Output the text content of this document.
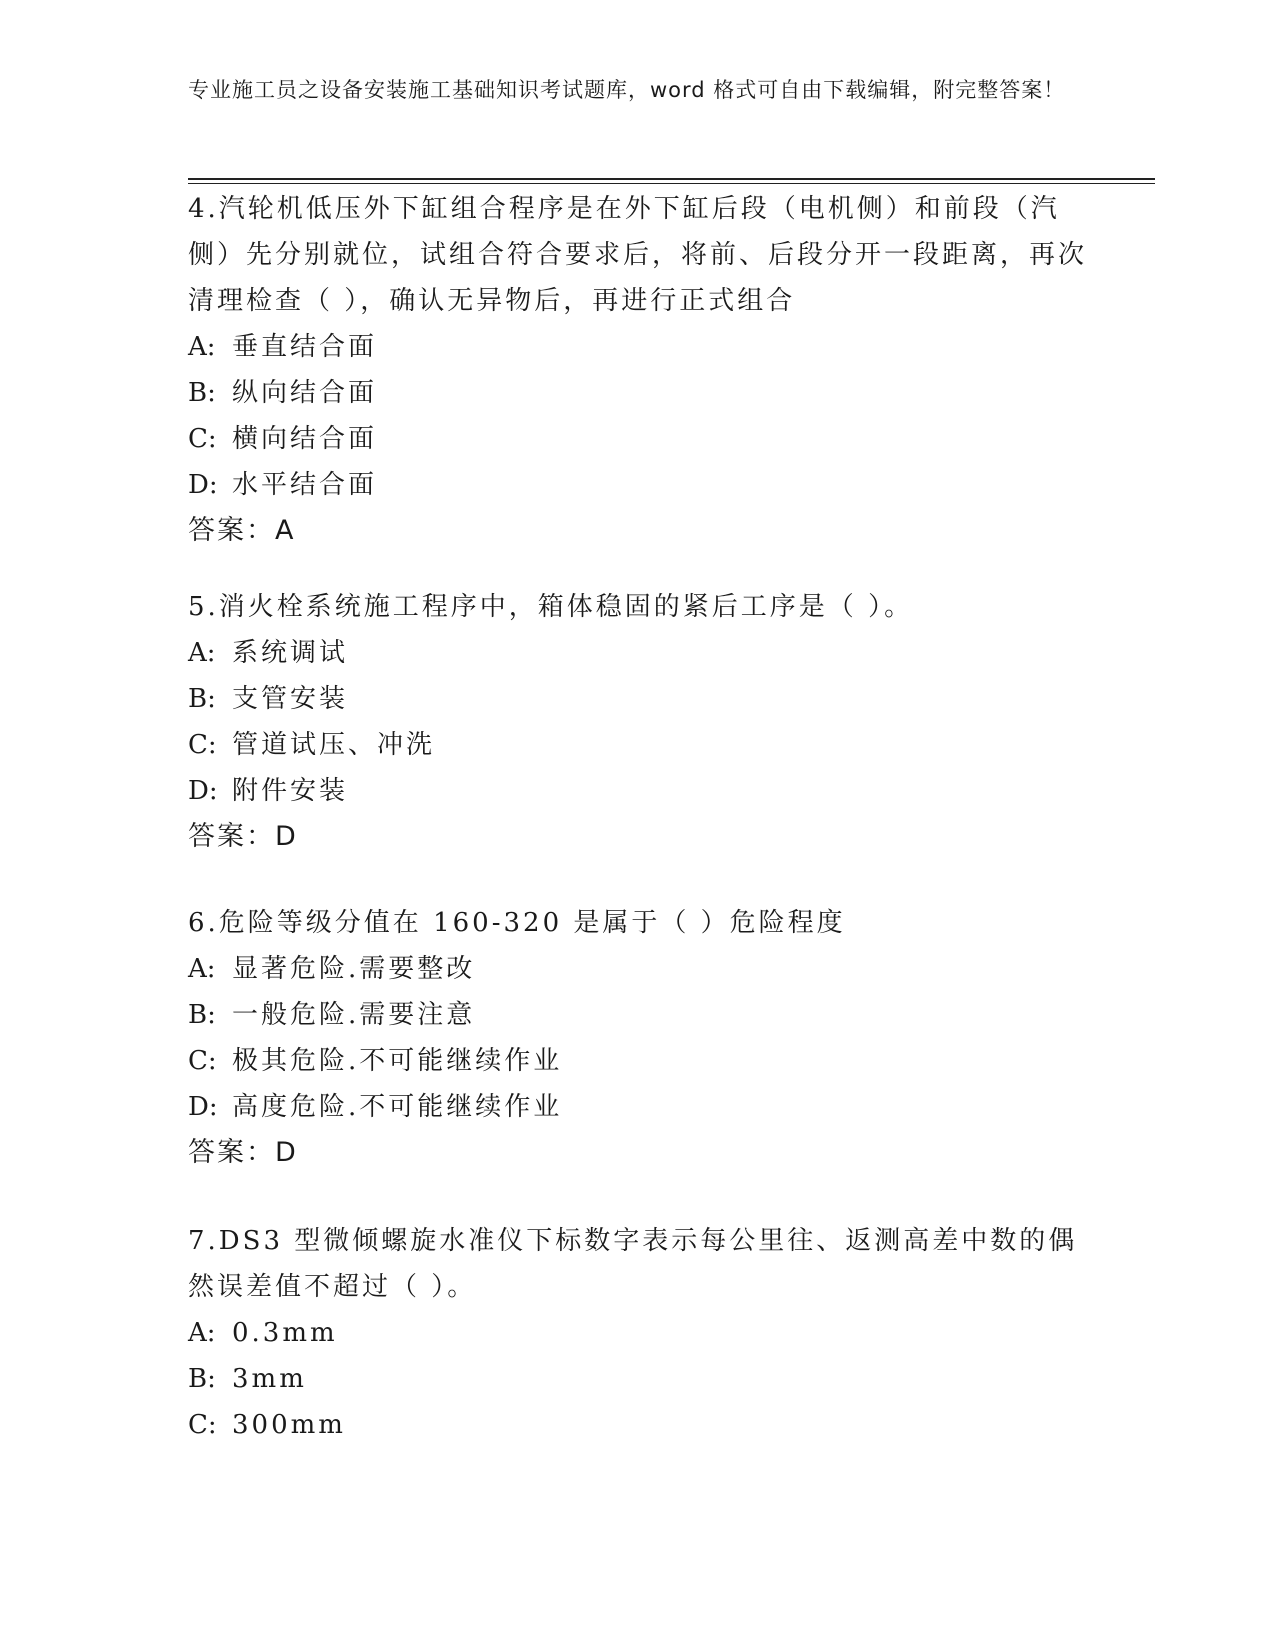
专业施工员之设备安装施工基础知识考试题库，word 格式可自由下载编辑，附完整答案！

4.汽轮机低压外下缸组合程序是在外下缸后段（电机侧）和前段（汽侧）先分别就位，试组合符合要求后，将前、后段分开一段距离，再次清理检查（ ），确认无异物后，再进行正式组合

A: 垂直结合面

B: 纵向结合面

C: 横向结合面

D: 水平结合面

答案：A

5.消火栓系统施工程序中，箱体稳固的紧后工序是（ ）。

A: 系统调试

B: 支管安装

C: 管道试压、冲洗

D: 附件安装

答案：D

6.危险等级分值在 160-320 是属于（ ）危险程度

A: 显著危险.需要整改

B: 一般危险.需要注意

C: 极其危险.不可能继续作业

D: 高度危险.不可能继续作业

答案：D

7.DS3 型微倾螺旋水准仪下标数字表示每公里往、返测高差中数的偶然误差值不超过（ ）。

A: 0.3mm

B: 3mm

C: 300mm
